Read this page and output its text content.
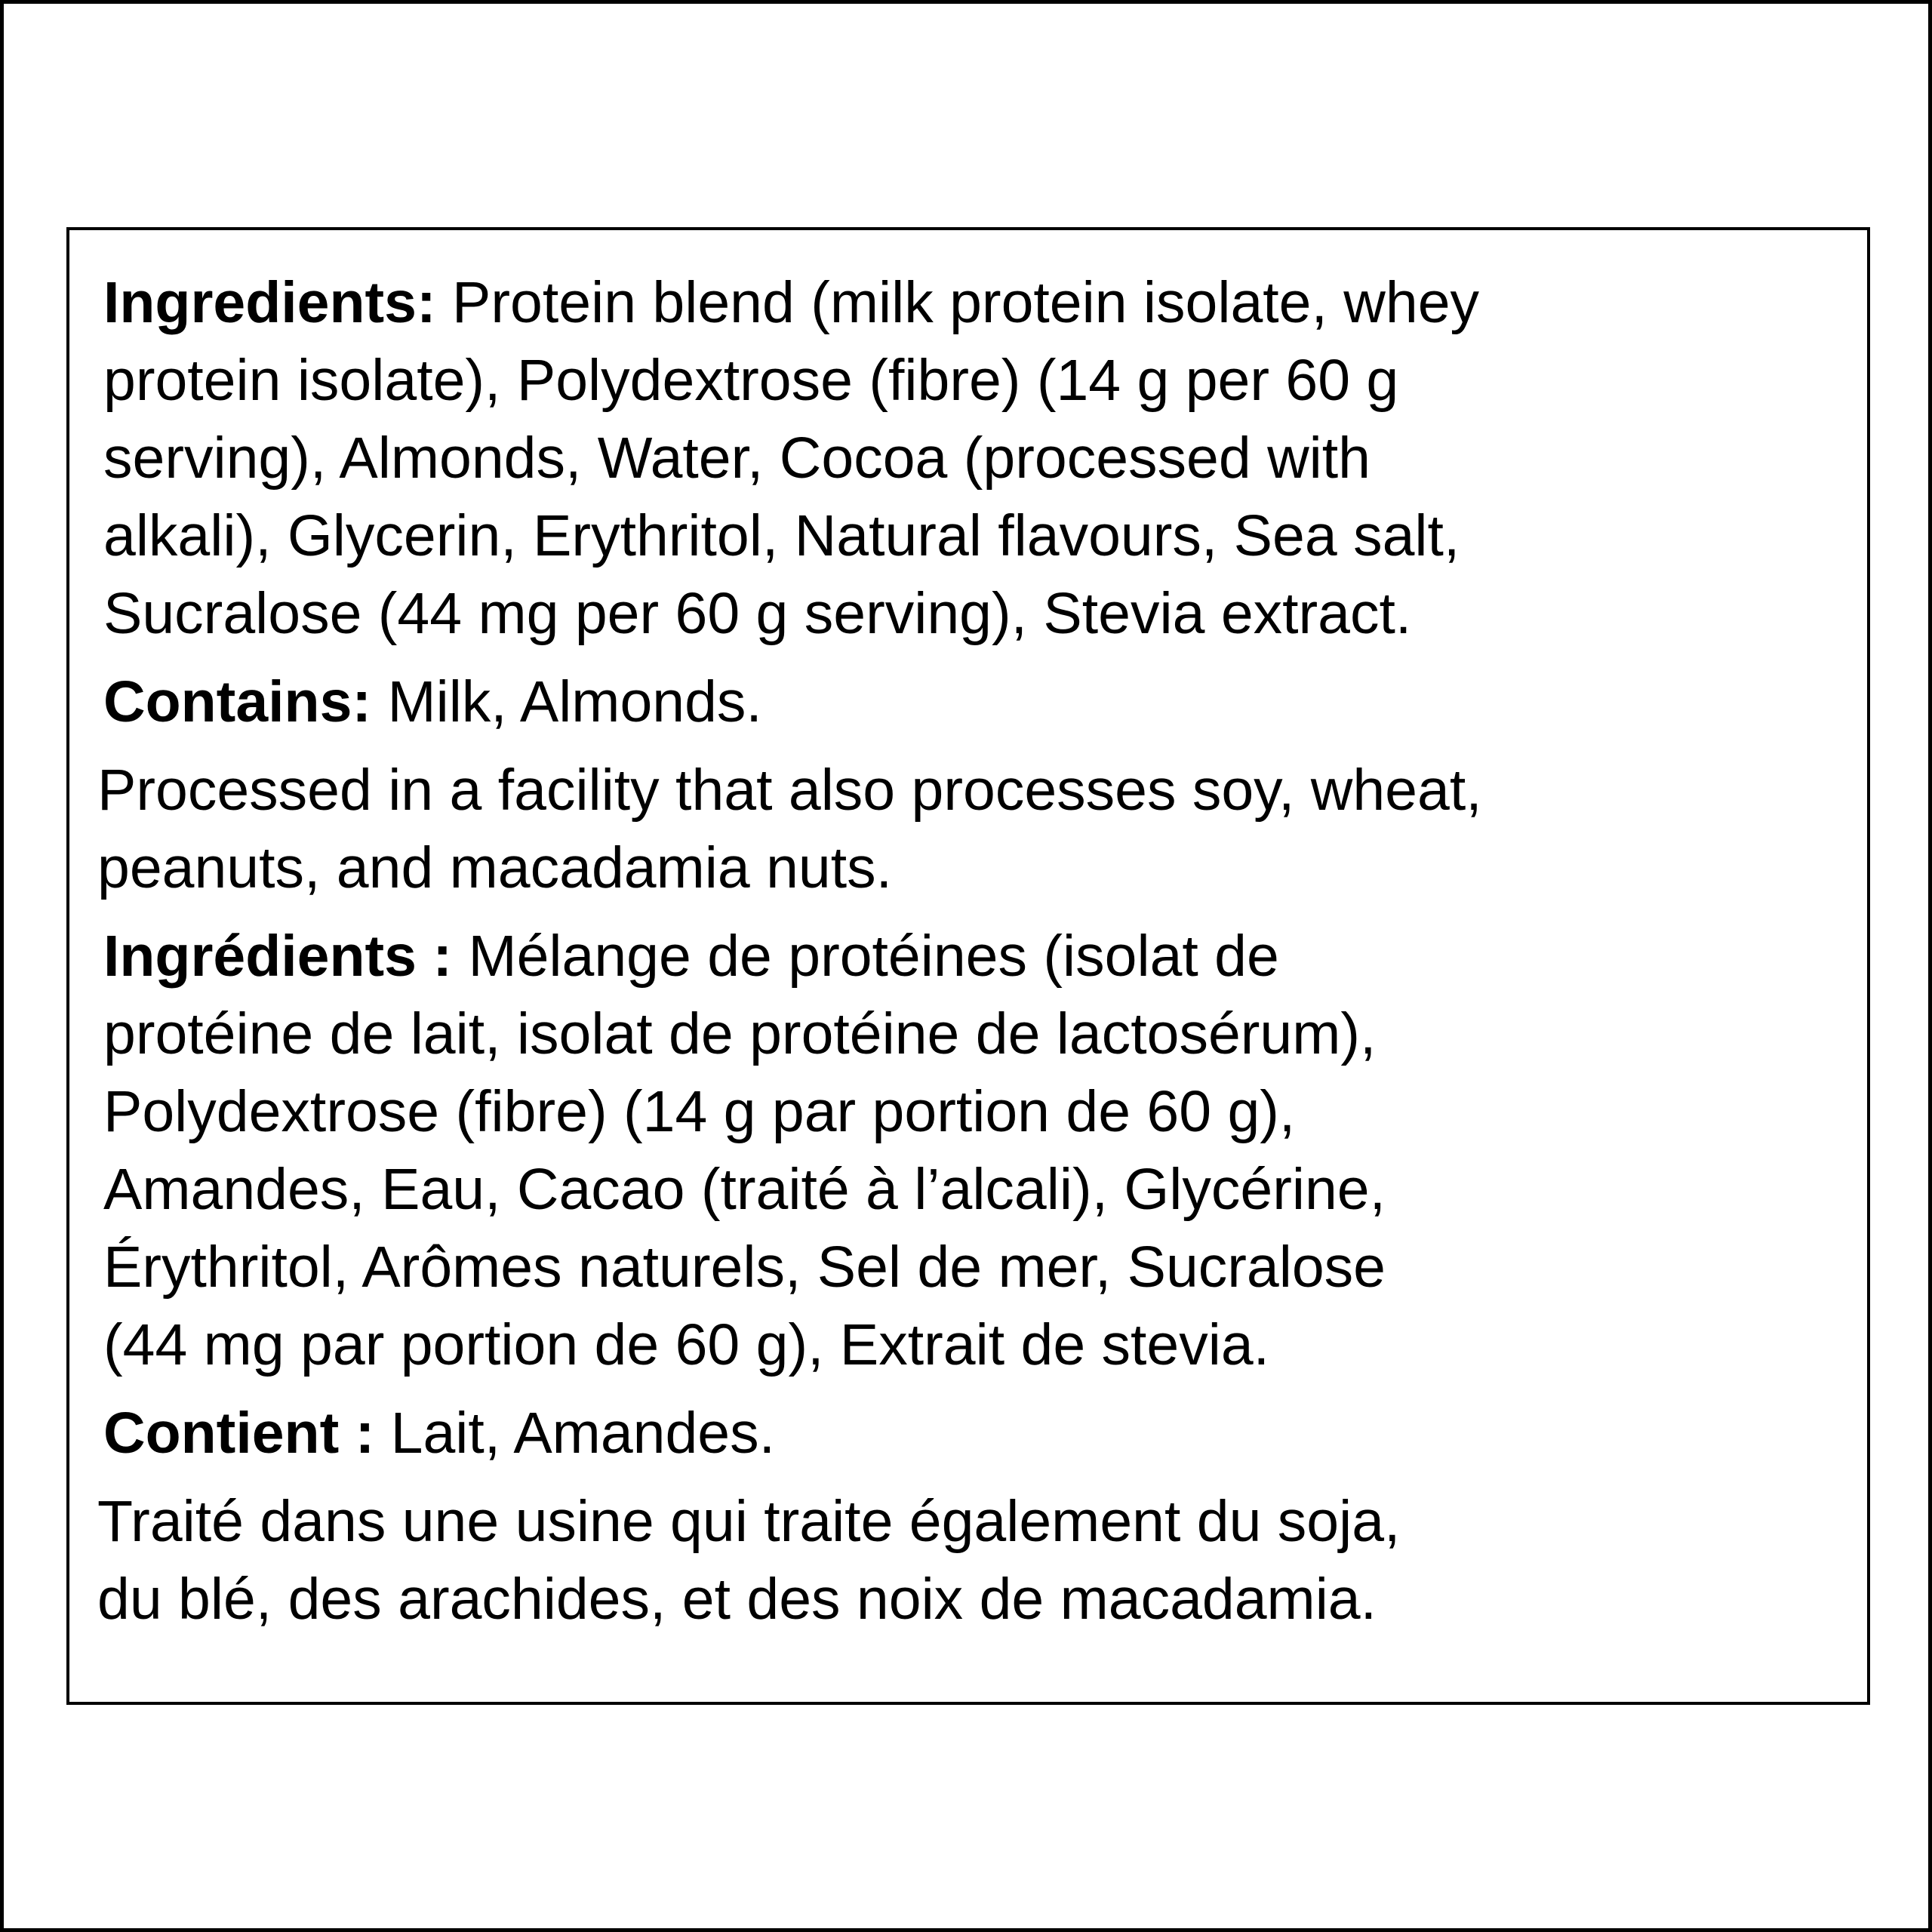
Ingredients: Protein blend (milk protein isolate, whey
protein isolate), Polydextrose (fibre) (14 g per 60 g
serving), Almonds, Water, Cocoa (processed with
alkali), Glycerin, Erythritol, Natural flavours, Sea salt,
Sucralose (44 mg per 60 g serving), Stevia extract.

Contains: Milk, Almonds.

Processed in a facility that also processes soy, wheat,
peanuts, and macadamia nuts.

Ingrédients : Mélange de protéines (isolat de
protéine de lait, isolat de protéine de lactosérum),
Polydextrose (fibre) (14 g par portion de 60 g),
Amandes, Eau, Cacao (traité à l’alcali), Glycérine,
Érythritol, Arômes naturels, Sel de mer, Sucralose
(44 mg par portion de 60 g), Extrait de stevia.

Contient : Lait, Amandes.

Traité dans une usine qui traite également du soja,
du blé, des arachides, et des noix de macadamia.
